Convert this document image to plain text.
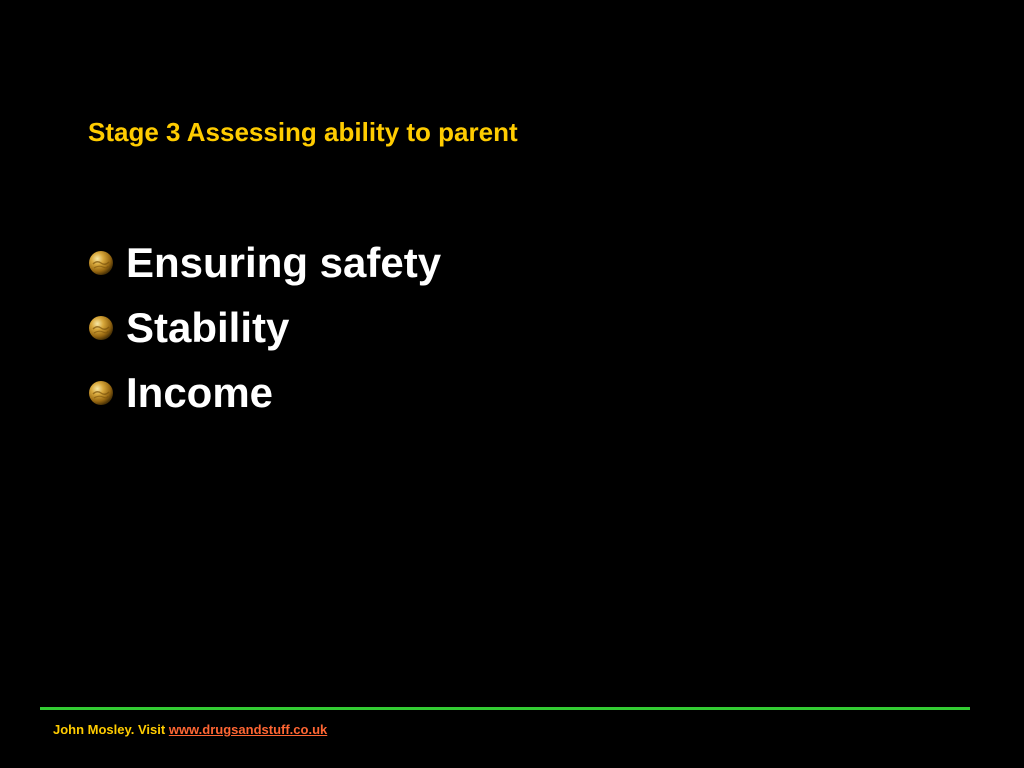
Stage 3 Assessing ability to parent
Ensuring safety
Stability
Income
John Mosley. Visit www.drugsandstuff.co.uk
